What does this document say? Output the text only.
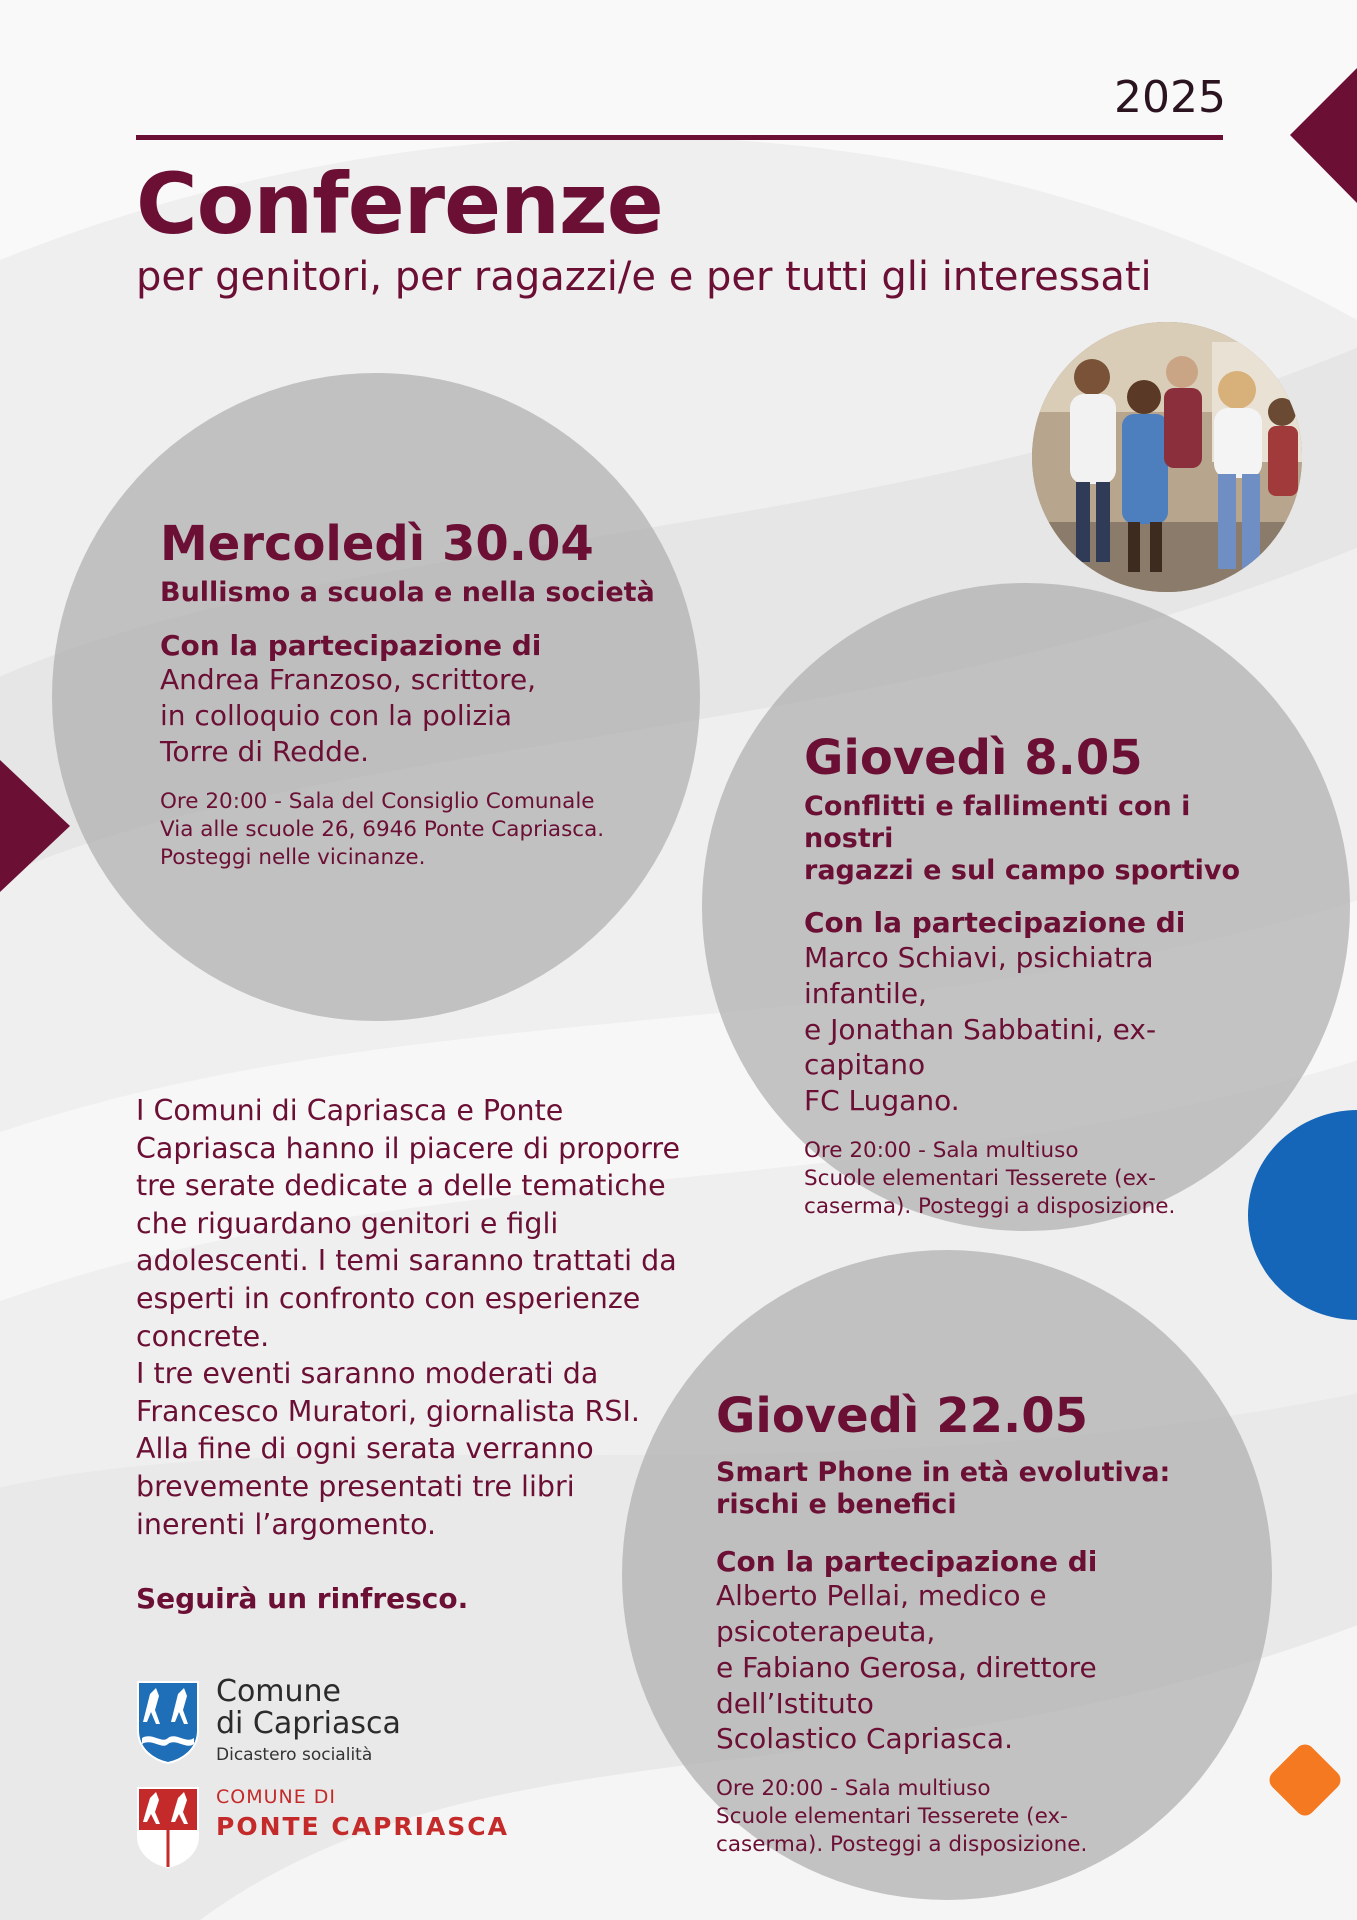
2025
Conferenze
per genitori, per ragazzi/e e per tutti gli interessati
Mercoledì 30.04
Bullismo a scuola e nella società
Con la partecipazione di
Andrea Franzoso, scrittore,
in colloquio con la polizia
Torre di Redde.
Ore 20:00 - Sala del Consiglio Comunale
Via alle scuole 26, 6946 Ponte Capriasca.
Posteggi nelle vicinanze.
Giovedì 8.05
Conflitti e fallimenti con i nostri
ragazzi e sul campo sportivo
Con la partecipazione di
Marco Schiavi, psichiatra infantile,
e Jonathan Sabbatini, ex-capitano
FC Lugano.
Ore 20:00 - Sala multiuso
Scuole elementari Tesserete (ex-
caserma). Posteggi a disposizione.
Giovedì 22.05
Smart Phone in età evolutiva:
rischi e benefici
Con la partecipazione di
Alberto Pellai, medico e psicoterapeuta,
e Fabiano Gerosa, direttore dell’Istituto
Scolastico Capriasca.
Ore 20:00 - Sala multiuso
Scuole elementari Tesserete (ex-
caserma). Posteggi a disposizione.
I Comuni di Capriasca e Ponte
Capriasca hanno il piacere di proporre
tre serate dedicate a delle tematiche
che riguardano genitori e figli
adolescenti. I temi saranno trattati da
esperti in confronto con esperienze
concrete.
I tre eventi saranno moderati da
Francesco Muratori, giornalista RSI.
Alla fine di ogni serata verranno
brevemente presentati tre libri
inerenti l’argomento.
Seguirà un rinfresco.
Comune
di Capriasca
Dicastero socialità
COMUNE DI
PONTE CAPRIASCA
